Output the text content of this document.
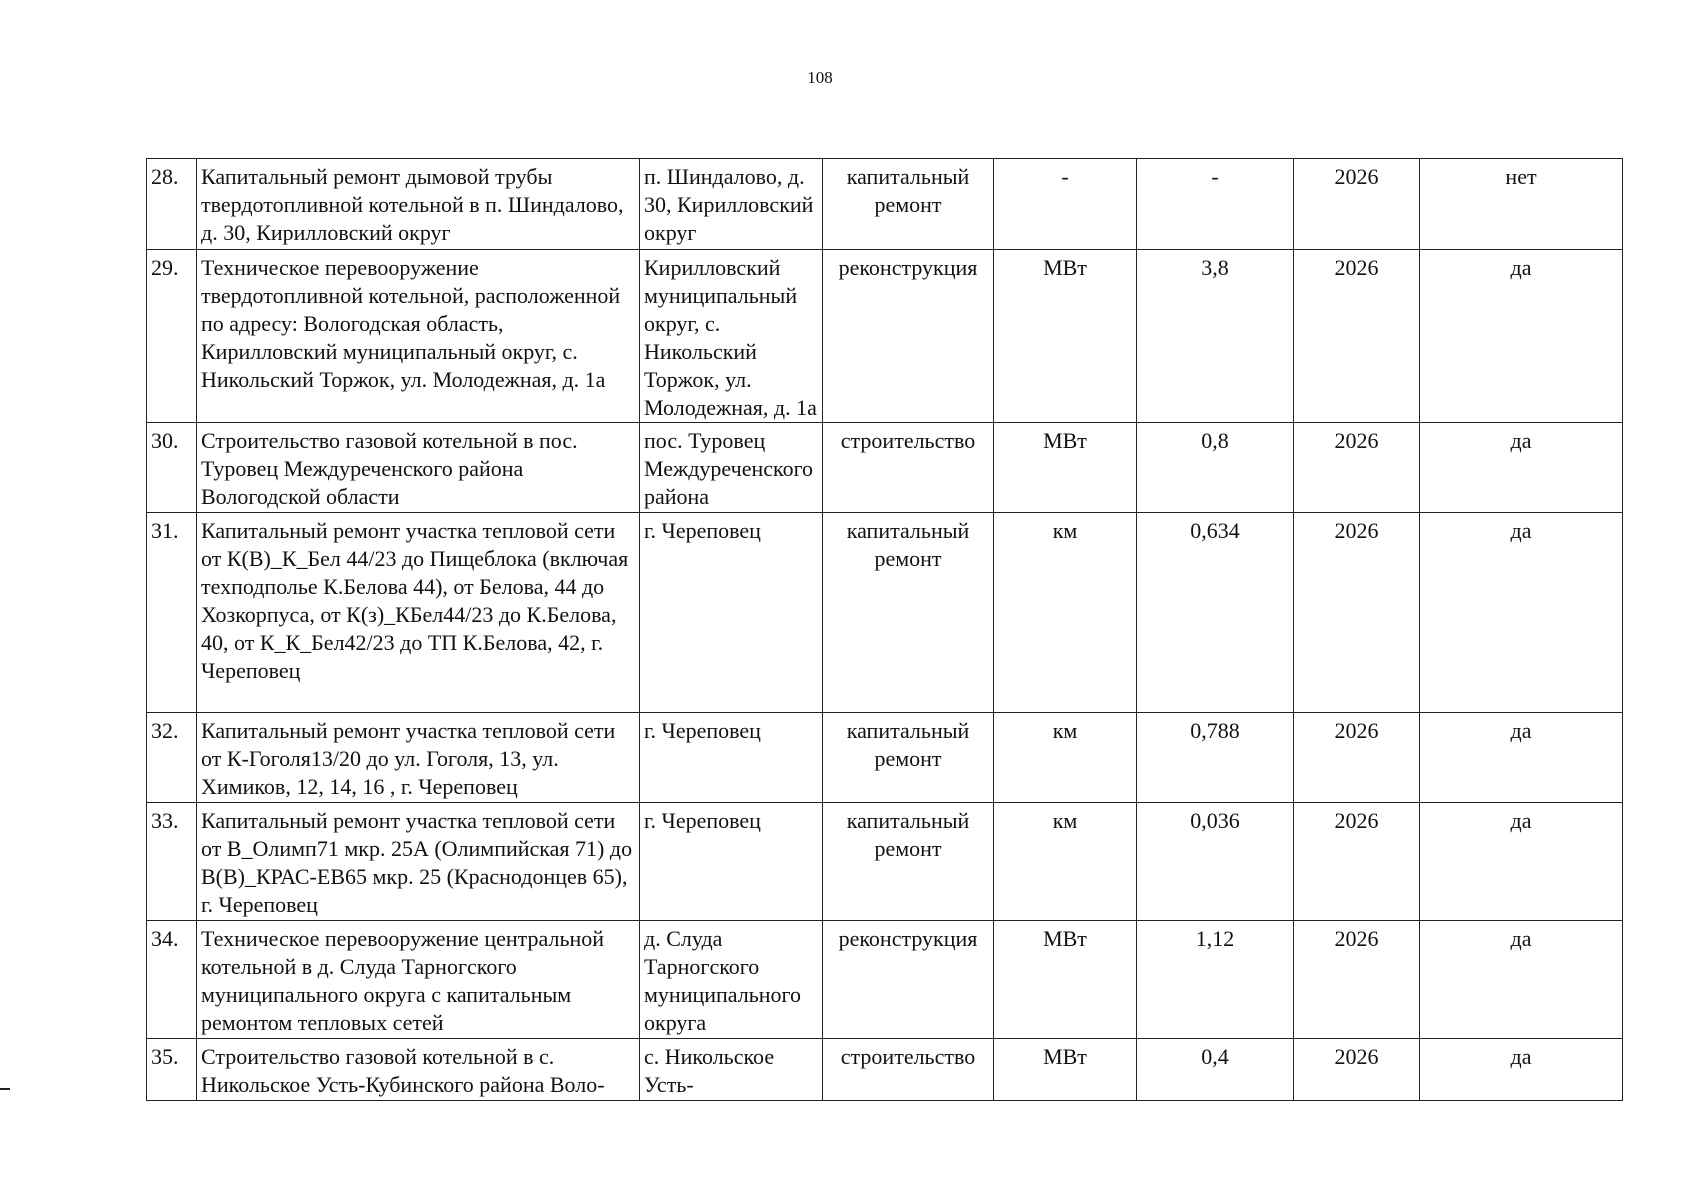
108
28.	Капитальный ремонт дымовой трубы твердотопливной котельной в п. Шиндалово, д. 30, Кирилловский округ	п. Шиндалово, д. 30, Кирилловский округ	капитальный ремонт	-	-	2026	нет
29.	Техническое перевооружение твердотопливной котельной, расположенной по адресу: Вологодская область, Кирилловский муниципальный округ, с. Никольский Торжок, ул. Молодежная, д. 1а	Кирилловский муниципальный округ, с. Никольский Торжок, ул. Молодежная, д. 1а	реконструкция	МВт	3,8	2026	да
30.	Строительство газовой котельной в пос. Туровец Междуреченского района Вологодской области	пос. Туровец Междуреченского района	строительство	МВт	0,8	2026	да
31.	Капитальный ремонт участка тепловой сети от К(В)_К_Бел 44/23 до Пищеблока (включая техподполье К.Белова 44), от Белова, 44 до Хозкорпуса, от К(з)_КБел44/23 до К.Белова, 40, от К_К_Бел42/23 до ТП К.Белова, 42, г. Череповец	г. Череповец	капитальный ремонт	км	0,634	2026	да
32.	Капитальный ремонт участка тепловой сети от К-Гоголя13/20 до ул. Гоголя, 13, ул. Химиков, 12, 14, 16 , г. Череповец	г. Череповец	капитальный ремонт	км	0,788	2026	да
33.	Капитальный ремонт участка тепловой сети от В_Олимп71 мкр. 25А (Олимпийская 71) до В(В)_КРАС-ЕВ65 мкр. 25 (Краснодонцев 65), г. Череповец	г. Череповец	капитальный ремонт	км	0,036	2026	да
34.	Техническое перевооружение центральной котельной в д. Слуда Тарногского муниципального округа с капитальным ремонтом тепловых сетей	д. Слуда Тарногского муниципального округа	реконструкция	МВт	1,12	2026	да
35.	Строительство газовой котельной в с. Никольское Усть-Кубинского района Воло-	с. Никольское Усть-	строительство	МВт	0,4	2026	да
